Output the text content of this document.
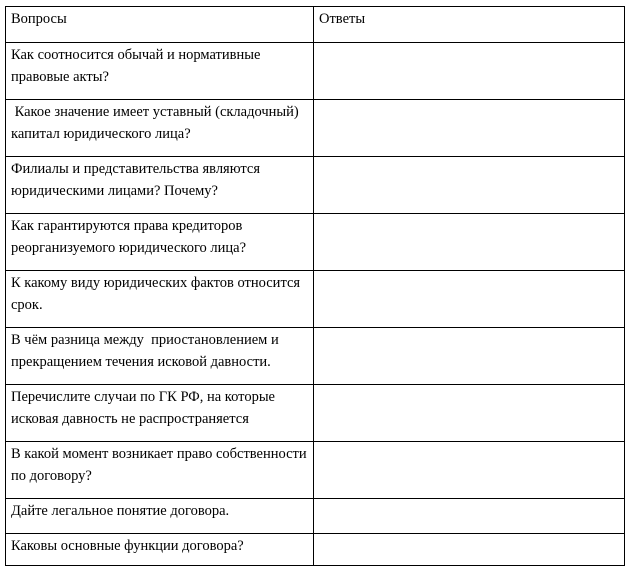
Вопросы	Ответы

Как соотносится обычай и нормативные правовые акты?	

Какое значение имеет уставный (складочный) капитал юридического лица?	

Филиалы и представительства являются юридическими лицами? Почему?	

Как гарантируются права кредиторов реорганизуемого юридического лица?	

К какому виду юридических фактов относится срок.	

В чём разница между  приостановлением и прекращением течения исковой давности.	

Перечислите случаи по ГК РФ, на которые исковая давность не распространяется	

В какой момент возникает право собственности по договору?	

Дайте легальное понятие договора.	

Каковы основные функции договора?	
